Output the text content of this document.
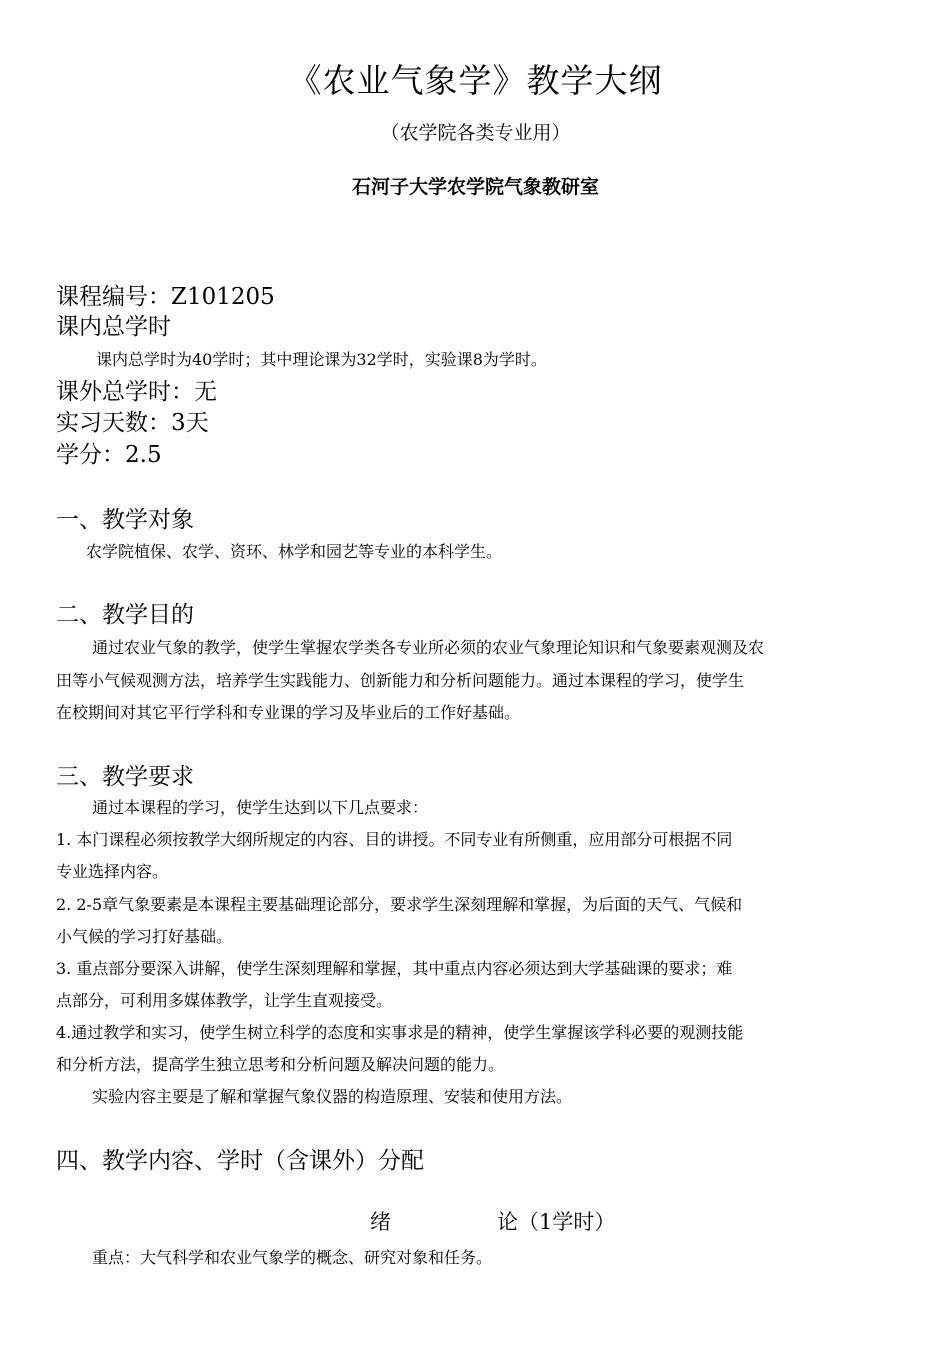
《农业气象学》教学大纲
（农学院各类专业用）
石河子大学农学院气象教研室
课程编号：Z101205
课内总学时
课内总学时为40学时；其中理论课为32学时，实验课8为学时。
课外总学时：无
实习天数：3天
学分：2.5
一、教学对象
农学院植保、农学、资环、林学和园艺等专业的本科学生。
二、教学目的
通过农业气象的教学，使学生掌握农学类各专业所必须的农业气象理论知识和气象要素观测及农
田等小气候观测方法，培养学生实践能力、创新能力和分析问题能力。通过本课程的学习，使学生
在校期间对其它平行学科和专业课的学习及毕业后的工作好基础。
三、教学要求
通过本课程的学习，使学生达到以下几点要求：
1. 本门课程必须按教学大纲所规定的内容、目的讲授。不同专业有所侧重，应用部分可根据不同
专业选择内容。
2. 2-5章气象要素是本课程主要基础理论部分，要求学生深刻理解和掌握，为后面的天气、气候和
小气候的学习打好基础。
3. 重点部分要深入讲解，使学生深刻理解和掌握，其中重点内容必须达到大学基础课的要求；难
点部分，可利用多媒体教学，让学生直观接受。
4.通过教学和实习，使学生树立科学的态度和实事求是的精神，使学生掌握该学科必要的观测技能
和分析方法，提高学生独立思考和分析问题及解决问题的能力。
实验内容主要是了解和掌握气象仪器的构造原理、安装和使用方法。
四、教学内容、学时（含课外）分配
绪	论（1学时）
重点：大气科学和农业气象学的概念、研究对象和任务。
